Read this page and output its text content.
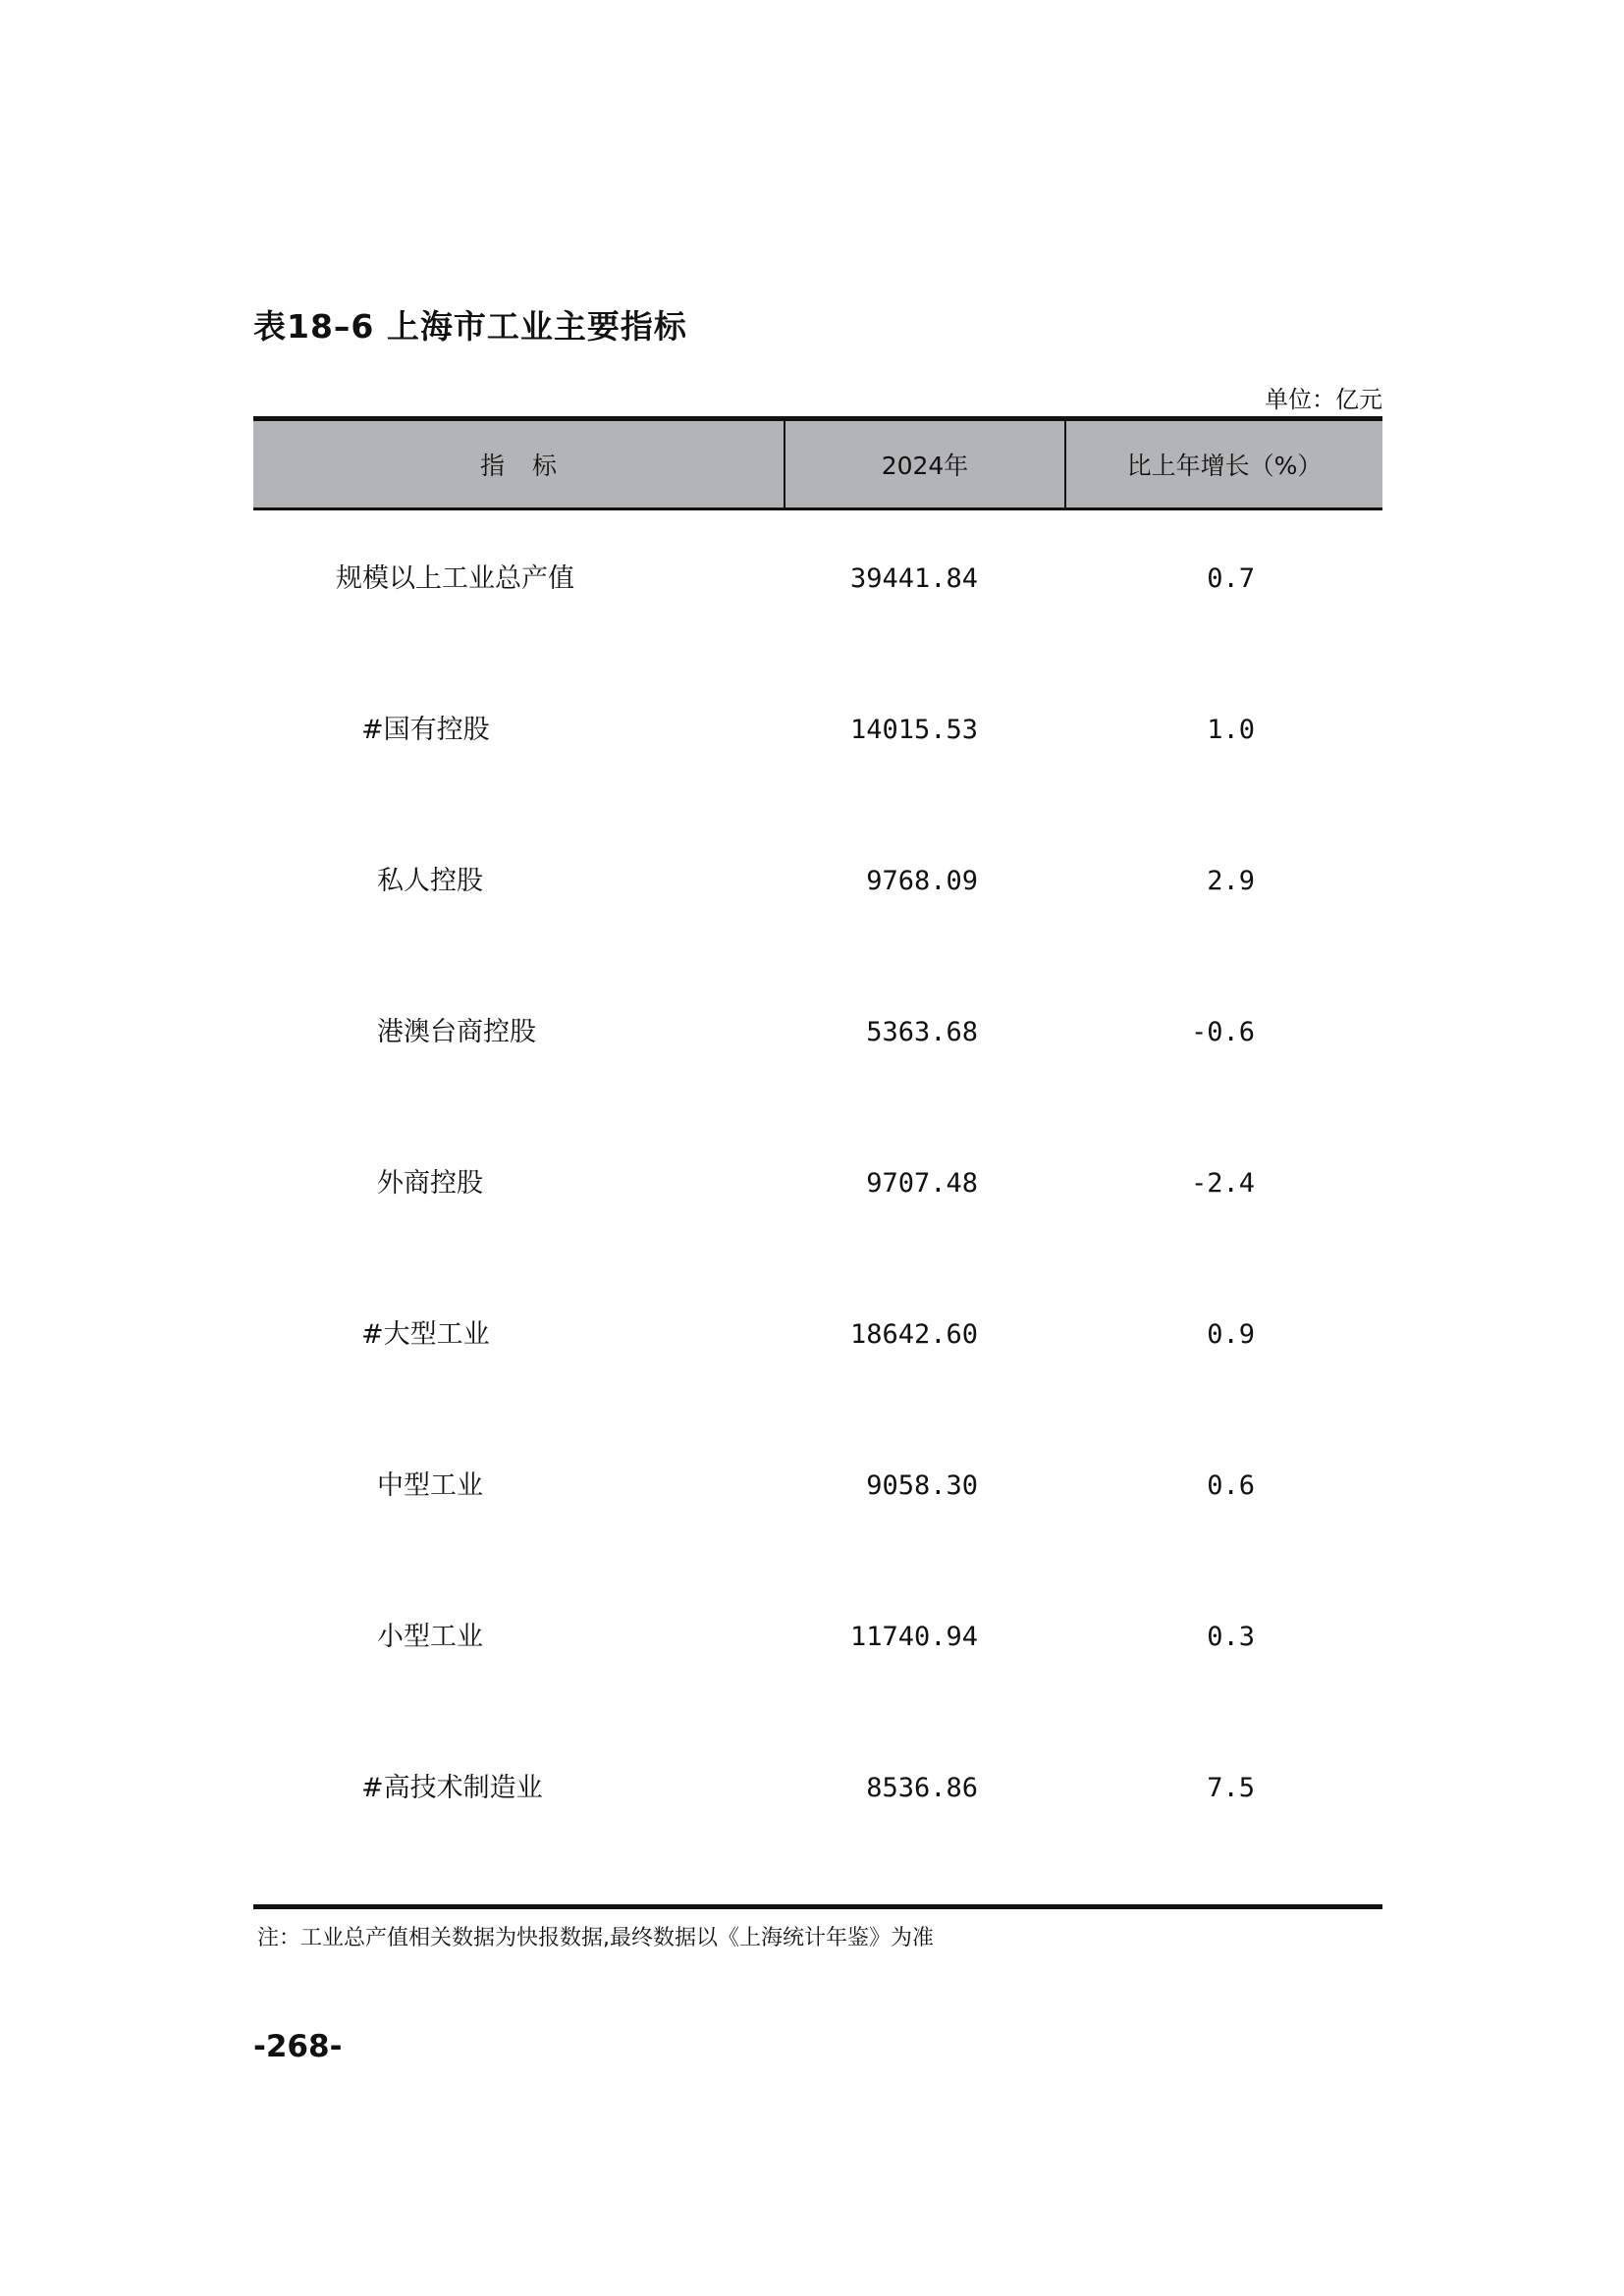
表18–6 上海市工业主要指标
单位：亿元
指标	2024年	比上年增长（%）
规模以上工业总产值	39441.84	0.7
#国有控股	14015.53	1.0
私人控股	9768.09	2.9
港澳台商控股	5363.68	-0.6
外商控股	9707.48	-2.4
#大型工业	18642.60	0.9
中型工业	9058.30	0.6
小型工业	11740.94	0.3
#高技术制造业	8536.86	7.5
注：工业总产值相关数据为快报数据,最终数据以《上海统计年鉴》为准
-268-
